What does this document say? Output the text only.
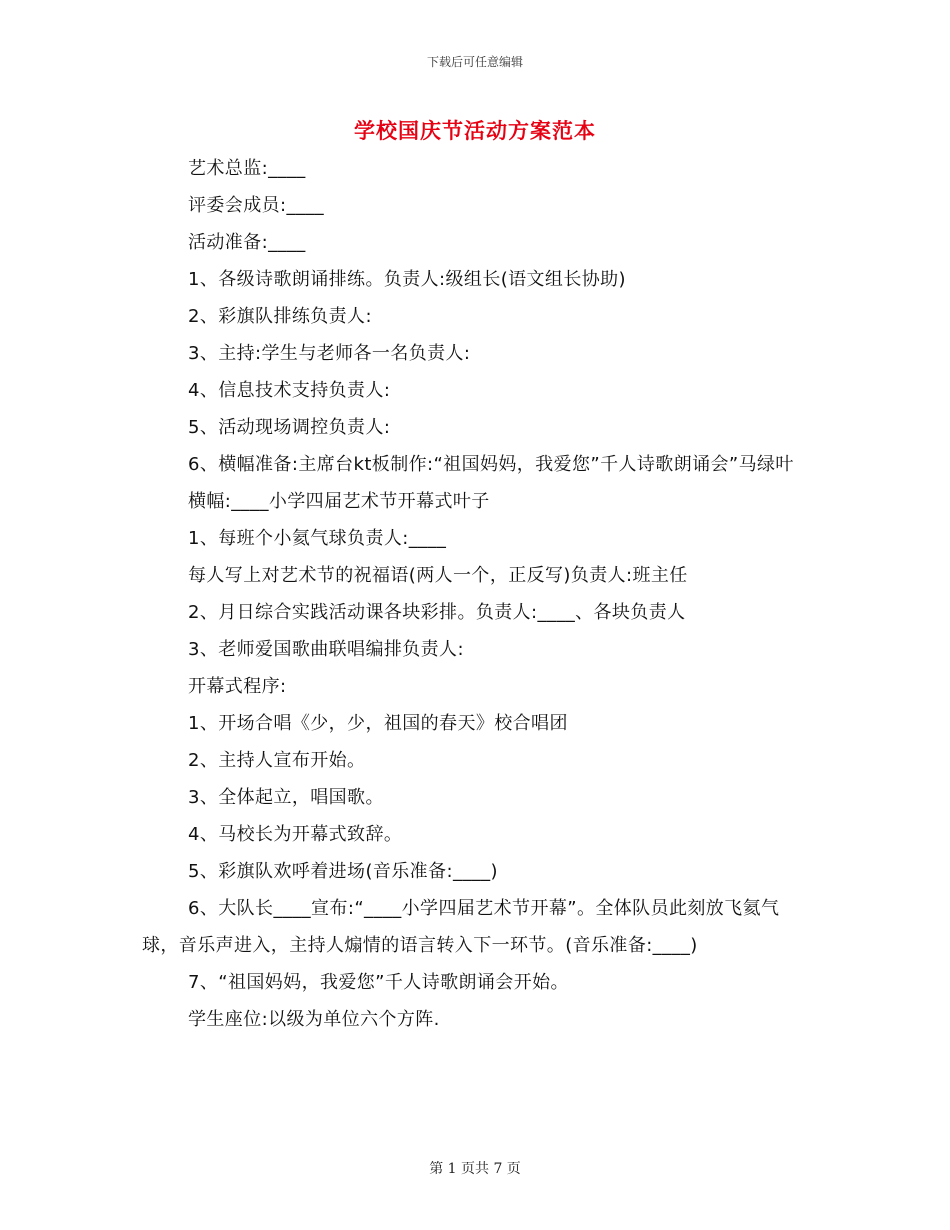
下载后可任意编辑
学校国庆节活动方案范本

艺术总监:____

评委会成员:____

活动准备:____

1、各级诗歌朗诵排练。负责人:级组长(语文组长协助)

2、彩旗队排练负责人:

3、主持:学生与老师各一名负责人:

4、信息技术支持负责人:

5、活动现场调控负责人:

6、横幅准备:主席台kt板制作:“祖国妈妈，我爱您”千人诗歌朗诵会”马绿叶

横幅:____小学四届艺术节开幕式叶子

1、每班个小氦气球负责人:____

每人写上对艺术节的祝福语(两人一个，正反写)负责人:班主任

2、月日综合实践活动课各块彩排。负责人:____、各块负责人

3、老师爱国歌曲联唱编排负责人:

开幕式程序:

1、开场合唱《少，少，祖国的春天》校合唱团

2、主持人宣布开始。

3、全体起立，唱国歌。

4、马校长为开幕式致辞。

5、彩旗队欢呼着进场(音乐准备:____)

6、大队长____宣布:“____小学四届艺术节开幕”。全体队员此刻放飞氦气球，音乐声进入，主持人煽情的语言转入下一环节。(音乐准备:____)

7、“祖国妈妈，我爱您”千人诗歌朗诵会开始。

学生座位:以级为单位六个方阵.

第 1 页共 7 页
